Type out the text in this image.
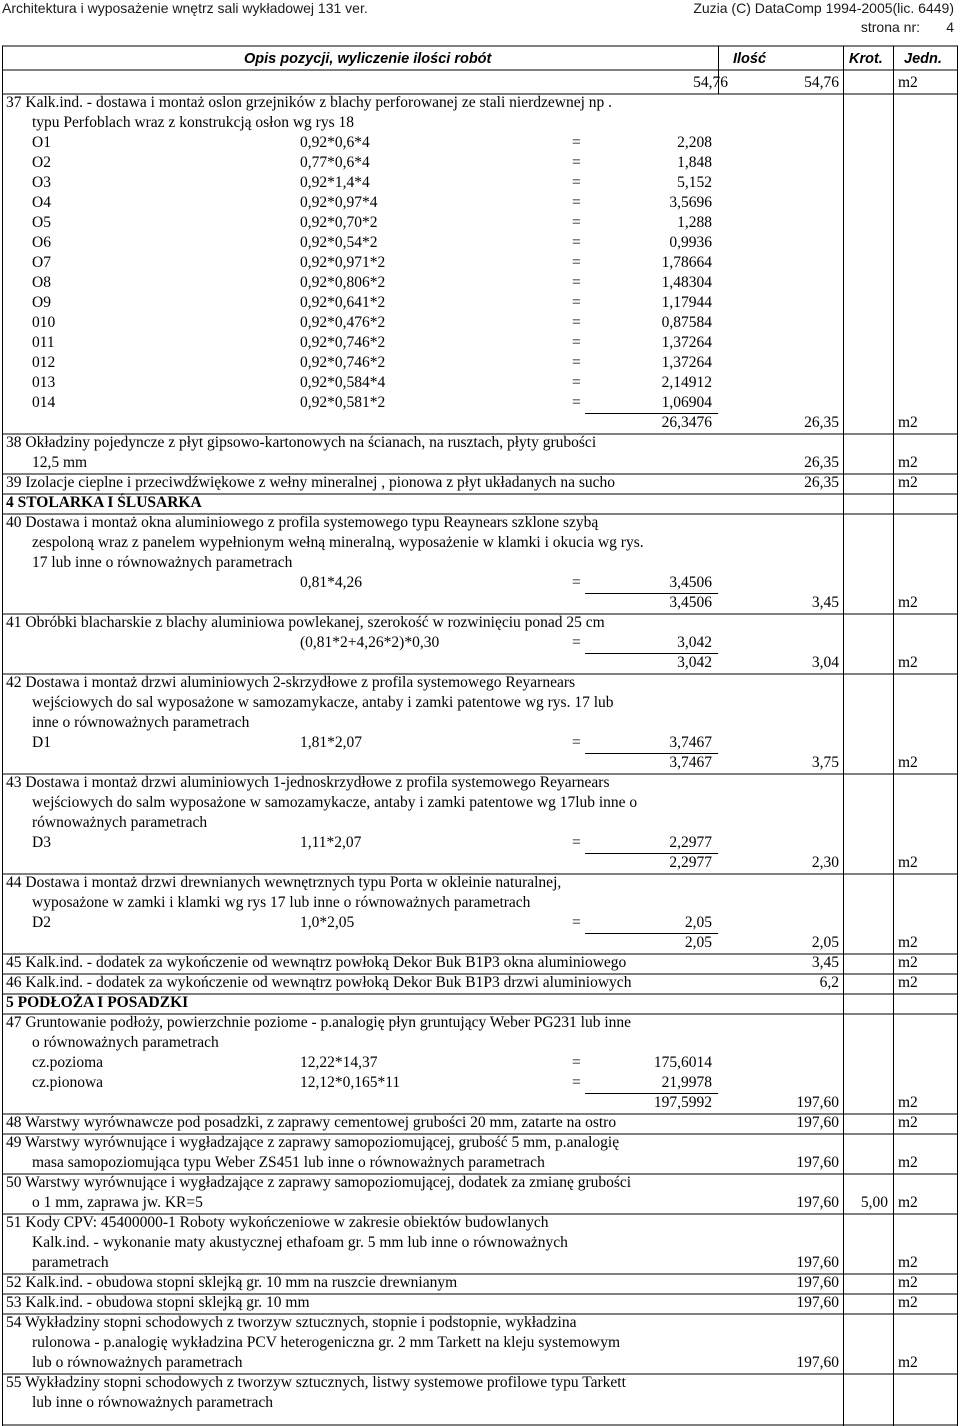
Architektura i wyposażenie wnętrz sali wykładowej 131 ver.	Zuzia (C) DataComp 1994-2005(lic. 6449)
strona nr: 4
Opis pozycji, wyliczenie ilości robót	Ilość	Krot. Jedn.
54,76	54,76	m2
37 Kalk.ind. - dostawa i montaż oslon grzejników z blachy perforowanej ze stali nierdzewnej np .
typu Perfoblach wraz z konstrukcją osłon wg rys 18
O1	0,92*0,6*4	=	2,208
O2	0,77*0,6*4	=	1,848
O3	0,92*1,4*4	=	5,152
O4	0,92*0,97*4	=	3,5696
O5	0,92*0,70*2	=	1,288
O6	0,92*0,54*2	=	0,9936
O7	0,92*0,971*2	=	1,78664
O8	0,92*0,806*2	=	1,48304
O9	0,92*0,641*2	=	1,17944
010	0,92*0,476*2	=	0,87584
011	0,92*0,746*2	=	1,37264
012	0,92*0,746*2	=	1,37264
013	0,92*0,584*4	=	2,14912
014	0,92*0,581*2	=	1,06904
26,3476	26,35	m2
38 Okładziny pojedyncze z płyt gipsowo-kartonowych na ścianach, na rusztach, płyty grubości
12,5 mm	26,35	m2
39 Izolacje cieplne i przeciwdźwiękowe z wełny mineralnej , pionowa z płyt układanych na sucho	26,35	m2
4 STOLARKA I ŚLUSARKA
40 Dostawa i montaż okna aluminiowego z profila systemowego typu Reaynears szklone szybą
zespoloną wraz z panelem wypełnionym wełną mineralną, wyposażenie w klamki i okucia wg rys.
17 lub inne o równoważnych parametrach
0,81*4,26	=	3,4506
3,4506	3,45	m2
41 Obróbki blacharskie z blachy aluminiowa powlekanej, szerokość w rozwinięciu ponad 25 cm
(0,81*2+4,26*2)*0,30	=	3,042
3,042	3,04	m2
42 Dostawa i montaż drzwi aluminiowych 2-skrzydłowe z profila systemowego Reyarnears
wejściowych do sal wyposażone w samozamykacze, antaby i zamki patentowe wg rys. 17 lub
inne o równoważnych parametrach
D1	1,81*2,07	=	3,7467
3,7467	3,75	m2
43 Dostawa i montaż drzwi aluminiowych 1-jednoskrzydłowe z profila systemowego Reyarnears
wejściowych do salm wyposażone w samozamykacze, antaby i zamki patentowe wg 17lub inne o
równoważnych parametrach
D3	1,11*2,07	=	2,2977
2,2977	2,30	m2
44 Dostawa i montaż drzwi drewnianych wewnętrznych typu Porta w okleinie naturalnej,
wyposażone w zamki i klamki wg rys 17 lub inne o równoważnych parametrach
D2	1,0*2,05	=	2,05
2,05	2,05	m2
45 Kalk.ind. - dodatek za wykończenie od wewnątrz powłoką Dekor Buk B1P3 okna aluminiowego	3,45	m2
46 Kalk.ind. - dodatek za wykończenie od wewnątrz powłoką Dekor Buk B1P3 drzwi aluminiowych	6,2	m2
5 PODŁOŻA I POSADZKI
47 Gruntowanie podłoży, powierzchnie poziome - p.analogię płyn gruntujący Weber PG231 lub inne
o równoważnych parametrach
cz.pozioma	12,22*14,37	=	175,6014
cz.pionowa	12,12*0,165*11	=	21,9978
197,5992	197,60	m2
48 Warstwy wyrównawcze pod posadzki, z zaprawy cementowej grubości 20 mm, zatarte na ostro	197,60	m2
49 Warstwy wyrównujące i wygładzające z zaprawy samopoziomującej, grubość 5 mm, p.analogię
masa samopoziomująca typu Weber ZS451 lub inne o równoważnych parametrach	197,60	m2
50 Warstwy wyrównujące i wygładzające z zaprawy samopoziomującej, dodatek za zmianę grubości
o 1 mm, zaprawa jw. KR=5	197,60 5,00 m2
51 Kody CPV: 45400000-1 Roboty wykończeniowe w zakresie obiektów budowlanych
Kalk.ind. - wykonanie maty akustycznej ethafoam gr. 5 mm lub inne o równoważnych
parametrach	197,60	m2
52 Kalk.ind. - obudowa stopni sklejką gr. 10 mm na ruszcie drewnianym	197,60	m2
53 Kalk.ind. - obudowa stopni sklejką gr. 10 mm	197,60	m2
54 Wykładziny stopni schodowych z tworzyw sztucznych, stopnie i podstopnie, wykładzina
rulonowa - p.analogię wykładzina PCV heterogeniczna gr. 2 mm Tarkett na kleju systemowym
lub o równoważnych parametrach	197,60	m2
55 Wykładziny stopni schodowych z tworzyw sztucznych, listwy systemowe profilowe typu Tarkett
lub inne o równoważnych parametrach
